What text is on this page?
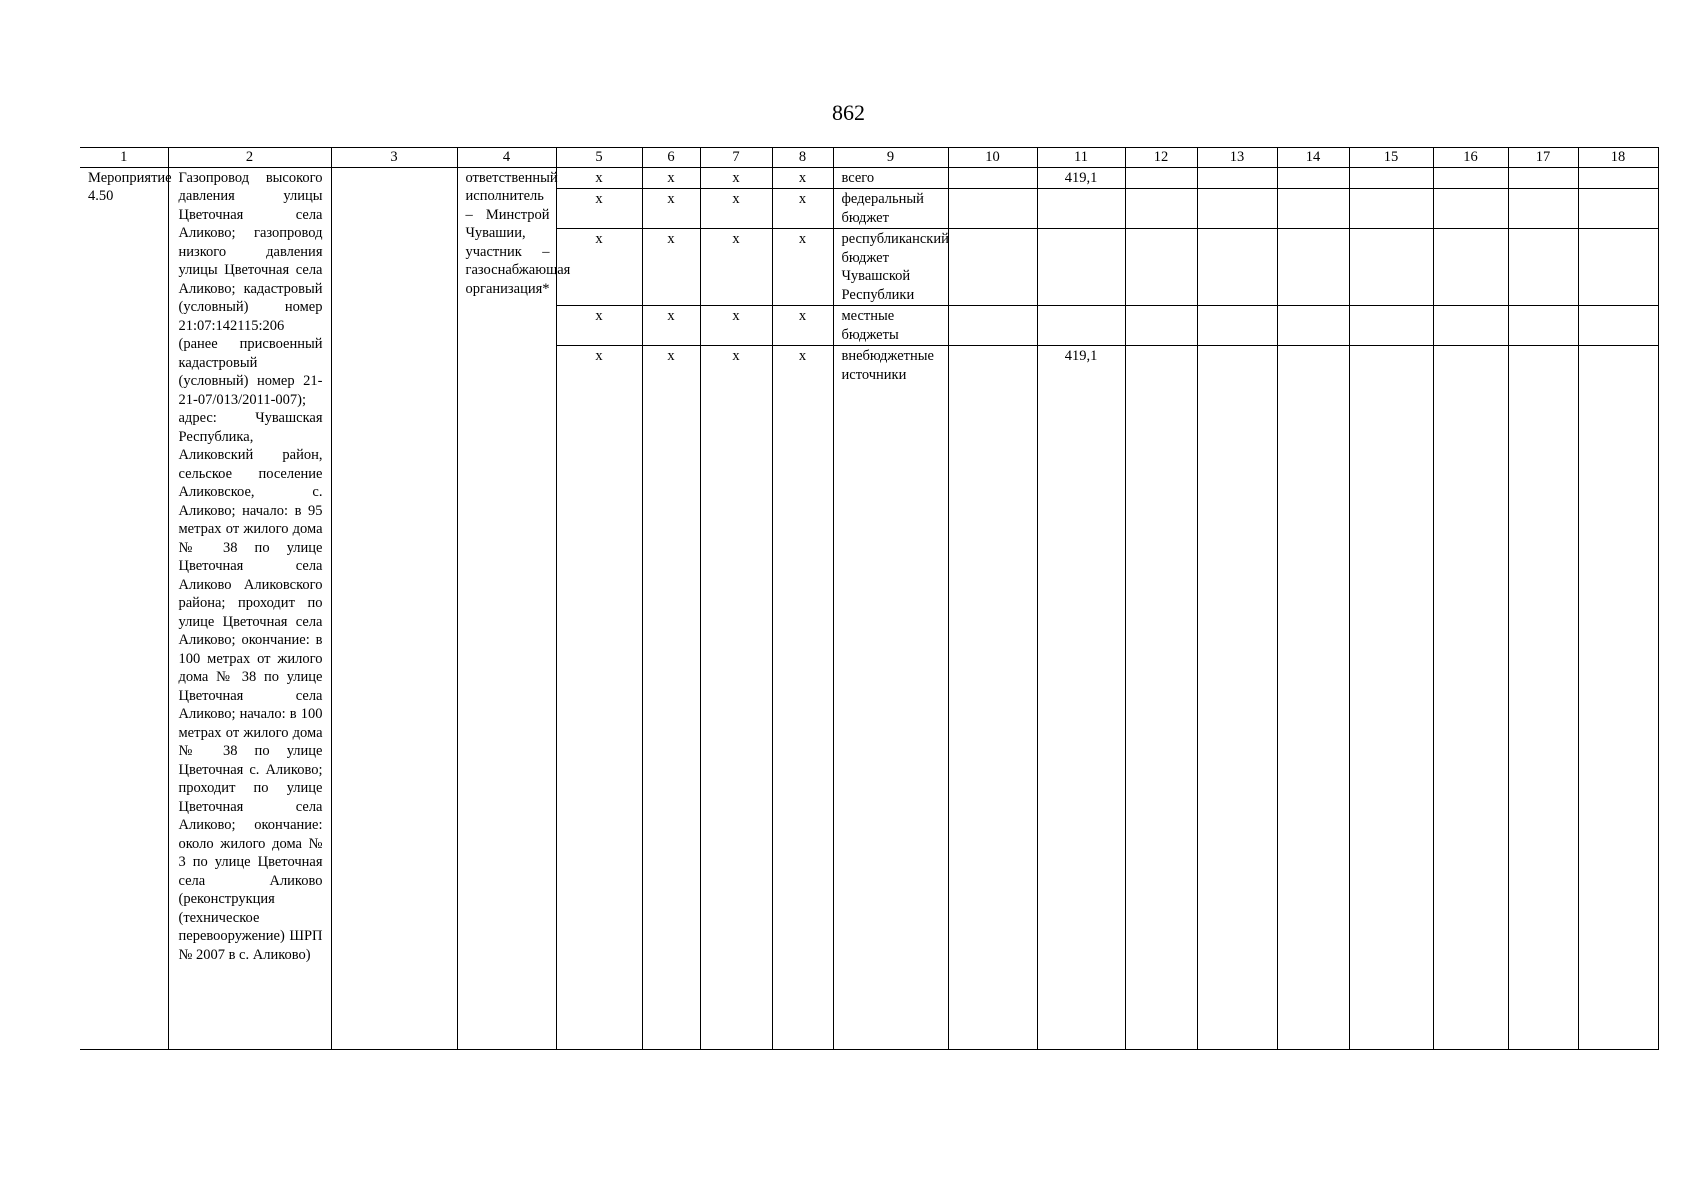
862
1	2	3	4	5	6	7	8	9	10	11	12	13	14	15	16	17	18
Мероприятие 4.50	Газопровод высокого давления улицы Цветочная села Аликово; газопровод низкого давления улицы Цветочная села Аликово; кадастровый (условный) номер 21:07:142115:206 (ранее присвоенный кадастровый (условный) номер 21-21-07/013/2011-007); адрес: Чувашская Республика, Аликовский район, сельское поселение Аликовское, с. Аликово; начало: в 95 метрах от жилого дома № 38 по улице Цветочная села Аликово Аликовского района; проходит по улице Цветочная села Аликово; окончание: в 100 метрах от жилого дома № 38 по улице Цветочная села Аликово; начало: в 100 метрах от жилого дома № 38 по улице Цветочная с. Аликово; проходит по улице Цветочная села Аликово; окончание: около жилого дома № 3 по улице Цветочная села Аликово (реконструкция (техническое перевооружение) ШРП № 2007 в с. Аликово)		ответственный исполнитель – Минстрой Чувашии, участник – газоснабжающая организация*	x	x	x	x	всего		419,1							
				x	x	x	x	федеральный бюджет									
				x	x	x	x	республиканский бюджет Чувашской Республики									
				x	x	x	x	местные бюджеты									
				x	x	x	x	внебюджетные источники		419,1							
